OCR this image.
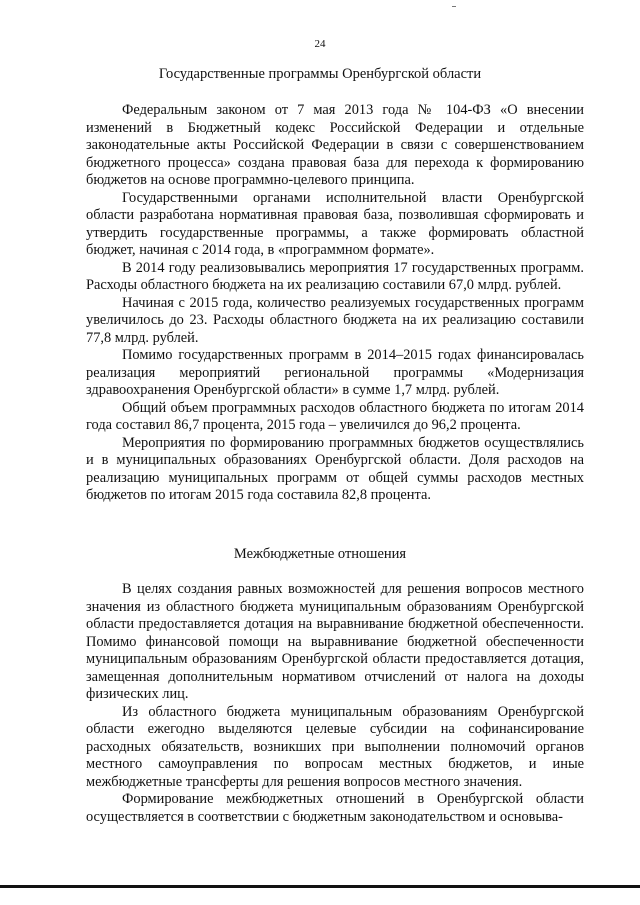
24
Государственные программы Оренбургской области

Федеральным законом от 7 мая 2013 года № 104-ФЗ «О внесении изменений в Бюджетный кодекс Российской Федерации и отдельные законодательные акты Российской Федерации в связи с совершенствованием бюджетного процесса» создана правовая база для перехода к формированию бюджетов на основе программно-целевого принципа.

Государственными органами исполнительной власти Оренбургской области разработана нормативная правовая база, позволившая сформировать и утвердить государственные программы, а также формировать областной бюджет, начиная с 2014 года, в «программном формате».

В 2014 году реализовывались мероприятия 17 государственных программ. Расходы областного бюджета на их реализацию составили 67,0 млрд. рублей.

Начиная с 2015 года, количество реализуемых государственных программ увеличилось до 23. Расходы областного бюджета на их реализацию составили 77,8 млрд. рублей.

Помимо государственных программ в 2014–2015 годах финансировалась реализация мероприятий региональной программы «Модернизация здравоохранения Оренбургской области» в сумме 1,7 млрд. рублей.

Общий объем программных расходов областного бюджета по итогам 2014 года составил 86,7 процента, 2015 года – увеличился до 96,2 процента.

Мероприятия по формированию программных бюджетов осуществлялись и в муниципальных образованиях Оренбургской области. Доля расходов на реализацию муниципальных программ от общей суммы расходов местных бюджетов по итогам 2015 года составила 82,8 процента.

Межбюджетные отношения

В целях создания равных возможностей для решения вопросов местного значения из областного бюджета муниципальным образованиям Оренбургской области предоставляется дотация на выравнивание бюджетной обеспеченности. Помимо финансовой помощи на выравнивание бюджетной обеспеченности муниципальным образованиям Оренбургской области предоставляется дотация, замещенная дополнительным нормативом отчислений от налога на доходы физических лиц.

Из областного бюджета муниципальным образованиям Оренбургской области ежегодно выделяются целевые субсидии на софинансирование расходных обязательств, возникших при выполнении полномочий органов местного самоуправления по вопросам местных бюджетов, и иные межбюджетные трансферты для решения вопросов местного значения.

Формирование межбюджетных отношений в Оренбургской области осуществляется в соответствии с бюджетным законодательством и основыва-
